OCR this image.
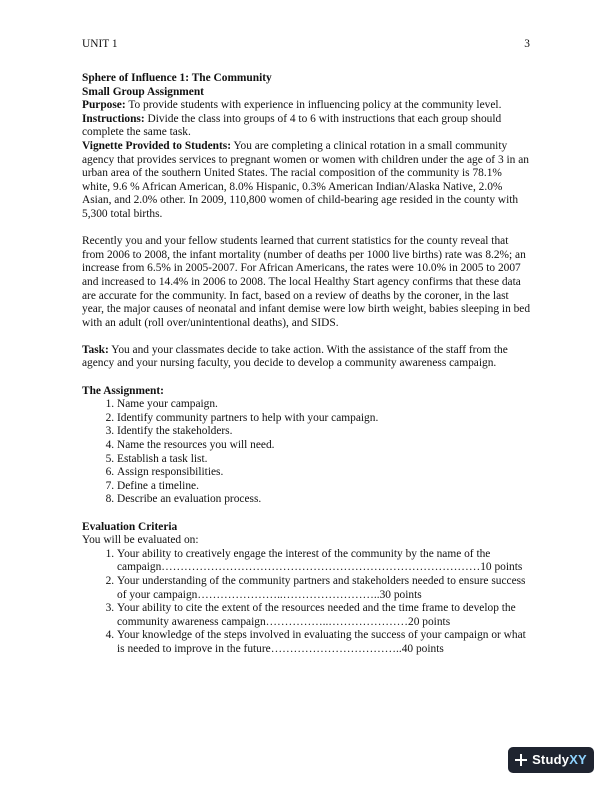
UNIT 1	3

Sphere of Influence 1: The Community

Small Group Assignment

Purpose: To provide students with experience in influencing policy at the community level.

Instructions: Divide the class into groups of 4 to 6 with instructions that each group should complete the same task.

Vignette Provided to Students: You are completing a clinical rotation in a small community agency that provides services to pregnant women or women with children under the age of 3 in an urban area of the southern United States. The racial composition of the community is 78.1% white, 9.6 % African American, 8.0% Hispanic, 0.3% American Indian/Alaska Native, 2.0% Asian, and 2.0% other. In 2009, 110,800 women of child-bearing age resided in the county with 5,300 total births.

Recently you and your fellow students learned that current statistics for the county reveal that from 2006 to 2008, the infant mortality (number of deaths per 1000 live births) rate was 8.2%; an increase from 6.5% in 2005-2007. For African Americans, the rates were 10.0% in 2005 to 2007 and increased to 14.4% in 2006 to 2008. The local Healthy Start agency confirms that these data are accurate for the community. In fact, based on a review of deaths by the coroner, in the last year, the major causes of neonatal and infant demise were low birth weight, babies sleeping in bed with an adult (roll over/unintentional deaths), and SIDS.

Task: You and your classmates decide to take action. With the assistance of the staff from the agency and your nursing faculty, you decide to develop a community awareness campaign.

The Assignment:

1. Name your campaign.
2. Identify community partners to help with your campaign.
3. Identify the stakeholders.
4. Name the resources you will need.
5. Establish a task list.
6. Assign responsibilities.
7. Define a timeline.
8. Describe an evaluation process.

Evaluation Criteria

You will be evaluated on:

1. Your ability to creatively engage the interest of the community by the name of the campaign…………………………………………………………………………10 points
2. Your understanding of the community partners and stakeholders needed to ensure success of your campaign…………………..……………………..30 points
3. Your ability to cite the extent of the resources needed and the time frame to develop the community awareness campaign……………..…………………20 points
4. Your knowledge of the steps involved in evaluating the success of your campaign or what is needed to improve in the future……………………………..40 points
Study XY
